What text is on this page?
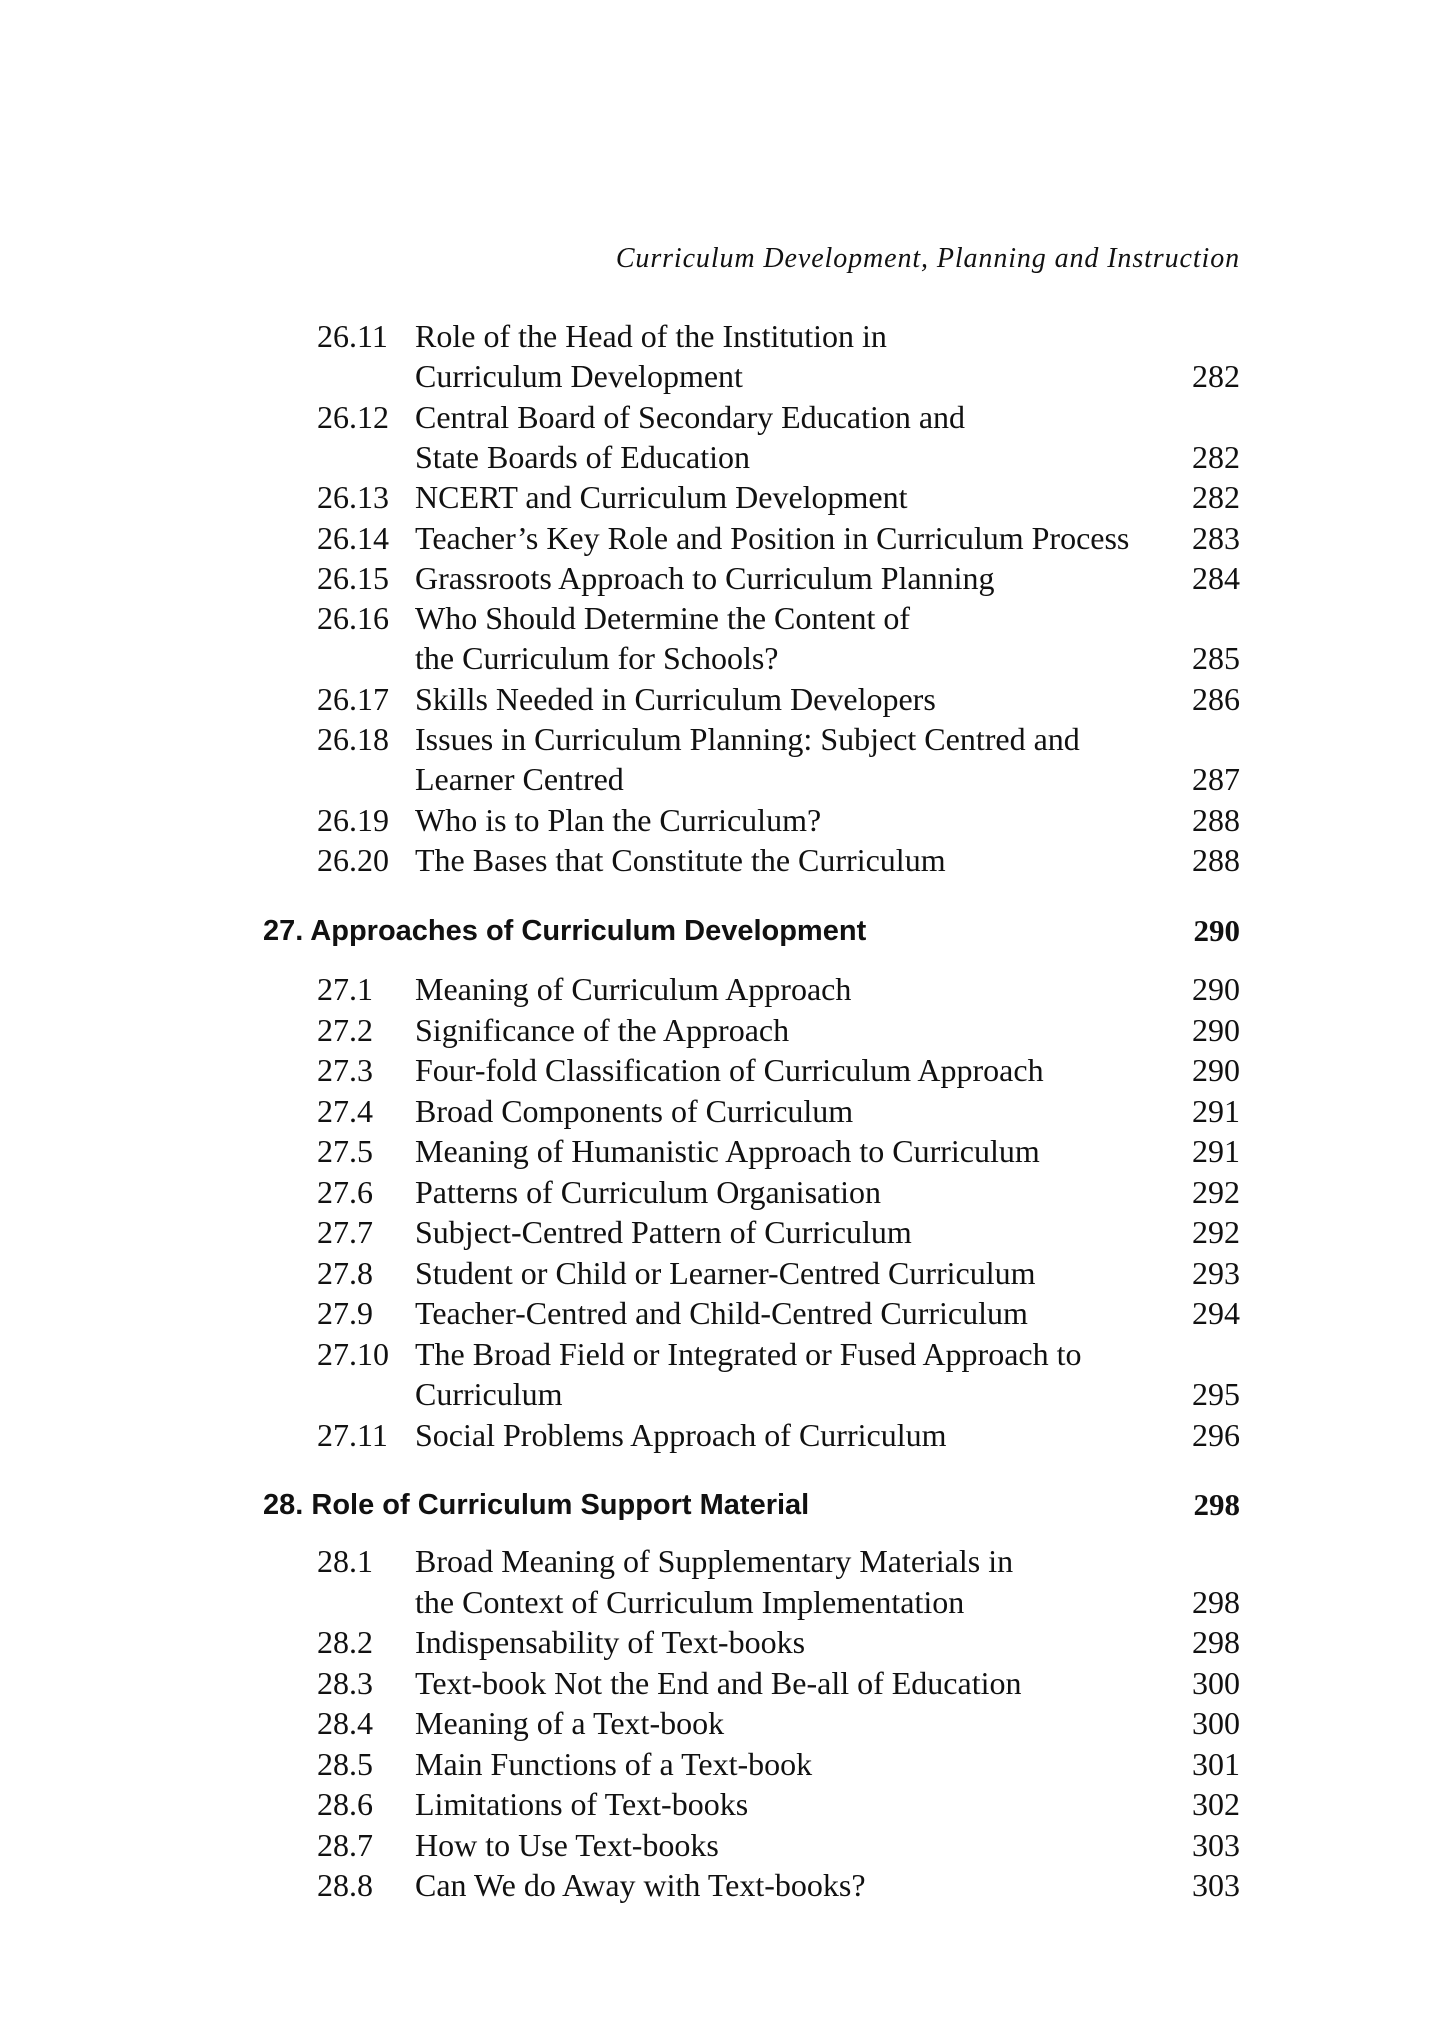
Curriculum Development, Planning and Instruction
26.11 Role of the Head of the Institution in
Curriculum Development	282
26.12 Central Board of Secondary Education and
State Boards of Education	282
26.13 NCERT and Curriculum Development	282
26.14 Teacher’s Key Role and Position in Curriculum Process 283
26.15 Grassroots Approach to Curriculum Planning	284
26.16 Who Should Determine the Content of
the Curriculum for Schools?	285
26.17 Skills Needed in Curriculum Developers	286
26.18 Issues in Curriculum Planning: Subject Centred and
Learner Centred	287
26.19 Who is to Plan the Curriculum?	288
26.20 The Bases that Constitute the Curriculum	288
27. Approaches of Curriculum Development	290
27.1 Meaning of Curriculum Approach	290
27.2 Significance of the Approach	290
27.3 Four-fold Classification of Curriculum Approach	290
27.4 Broad Components of Curriculum	291
27.5 Meaning of Humanistic Approach to Curriculum	291
27.6 Patterns of Curriculum Organisation	292
27.7 Subject-Centred Pattern of Curriculum	292
27.8 Student or Child or Learner-Centred Curriculum	293
27.9 Teacher-Centred and Child-Centred Curriculum	294
27.10 The Broad Field or Integrated or Fused Approach to
Curriculum	295
27.11 Social Problems Approach of Curriculum	296
28. Role of Curriculum Support Material	298
28.1 Broad Meaning of Supplementary Materials in
the Context of Curriculum Implementation	298
28.2 Indispensability of Text-books	298
28.3 Text-book Not the End and Be-all of Education	300
28.4 Meaning of a Text-book	300
28.5 Main Functions of a Text-book	301
28.6 Limitations of Text-books	302
28.7 How to Use Text-books	303
28.8 Can We do Away with Text-books?	303
